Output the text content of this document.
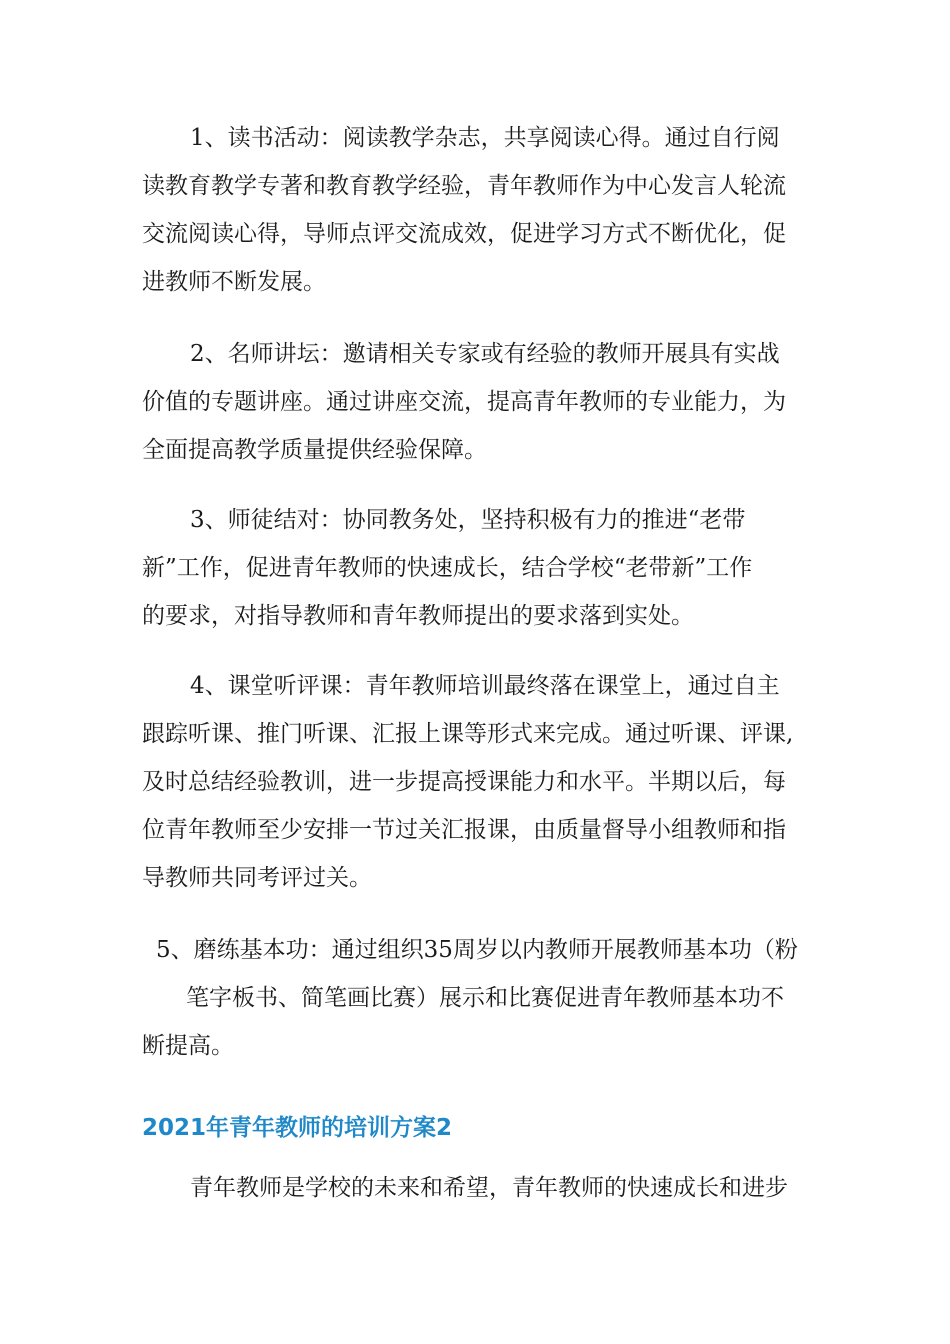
1、读书活动：阅读教学杂志，共享阅读心得。通过自行阅
读教育教学专著和教育教学经验，青年教师作为中心发言人轮流
交流阅读心得，导师点评交流成效，促进学习方式不断优化，促
进教师不断发展。
2、名师讲坛：邀请相关专家或有经验的教师开展具有实战
价值的专题讲座。通过讲座交流，提高青年教师的专业能力，为
全面提高教学质量提供经验保障。
3、师徒结对：协同教务处，坚持积极有力的推进“老带
新”工作，促进青年教师的快速成长，结合学校“老带新”工作
的要求，对指导教师和青年教师提出的要求落到实处。
4、课堂听评课：青年教师培训最终落在课堂上，通过自主
跟踪听课、推门听课、汇报上课等形式来完成。通过听课、评课,
及时总结经验教训，进一步提高授课能力和水平。半期以后，每
位青年教师至少安排一节过关汇报课，由质量督导小组教师和指
导教师共同考评过关。
5、磨练基本功：通过组织35周岁以内教师开展教师基本功（粉
笔字板书、简笔画比赛）展示和比赛促进青年教师基本功不
断提高。
2021年青年教师的培训方案2
青年教师是学校的未来和希望，青年教师的快速成长和进步
